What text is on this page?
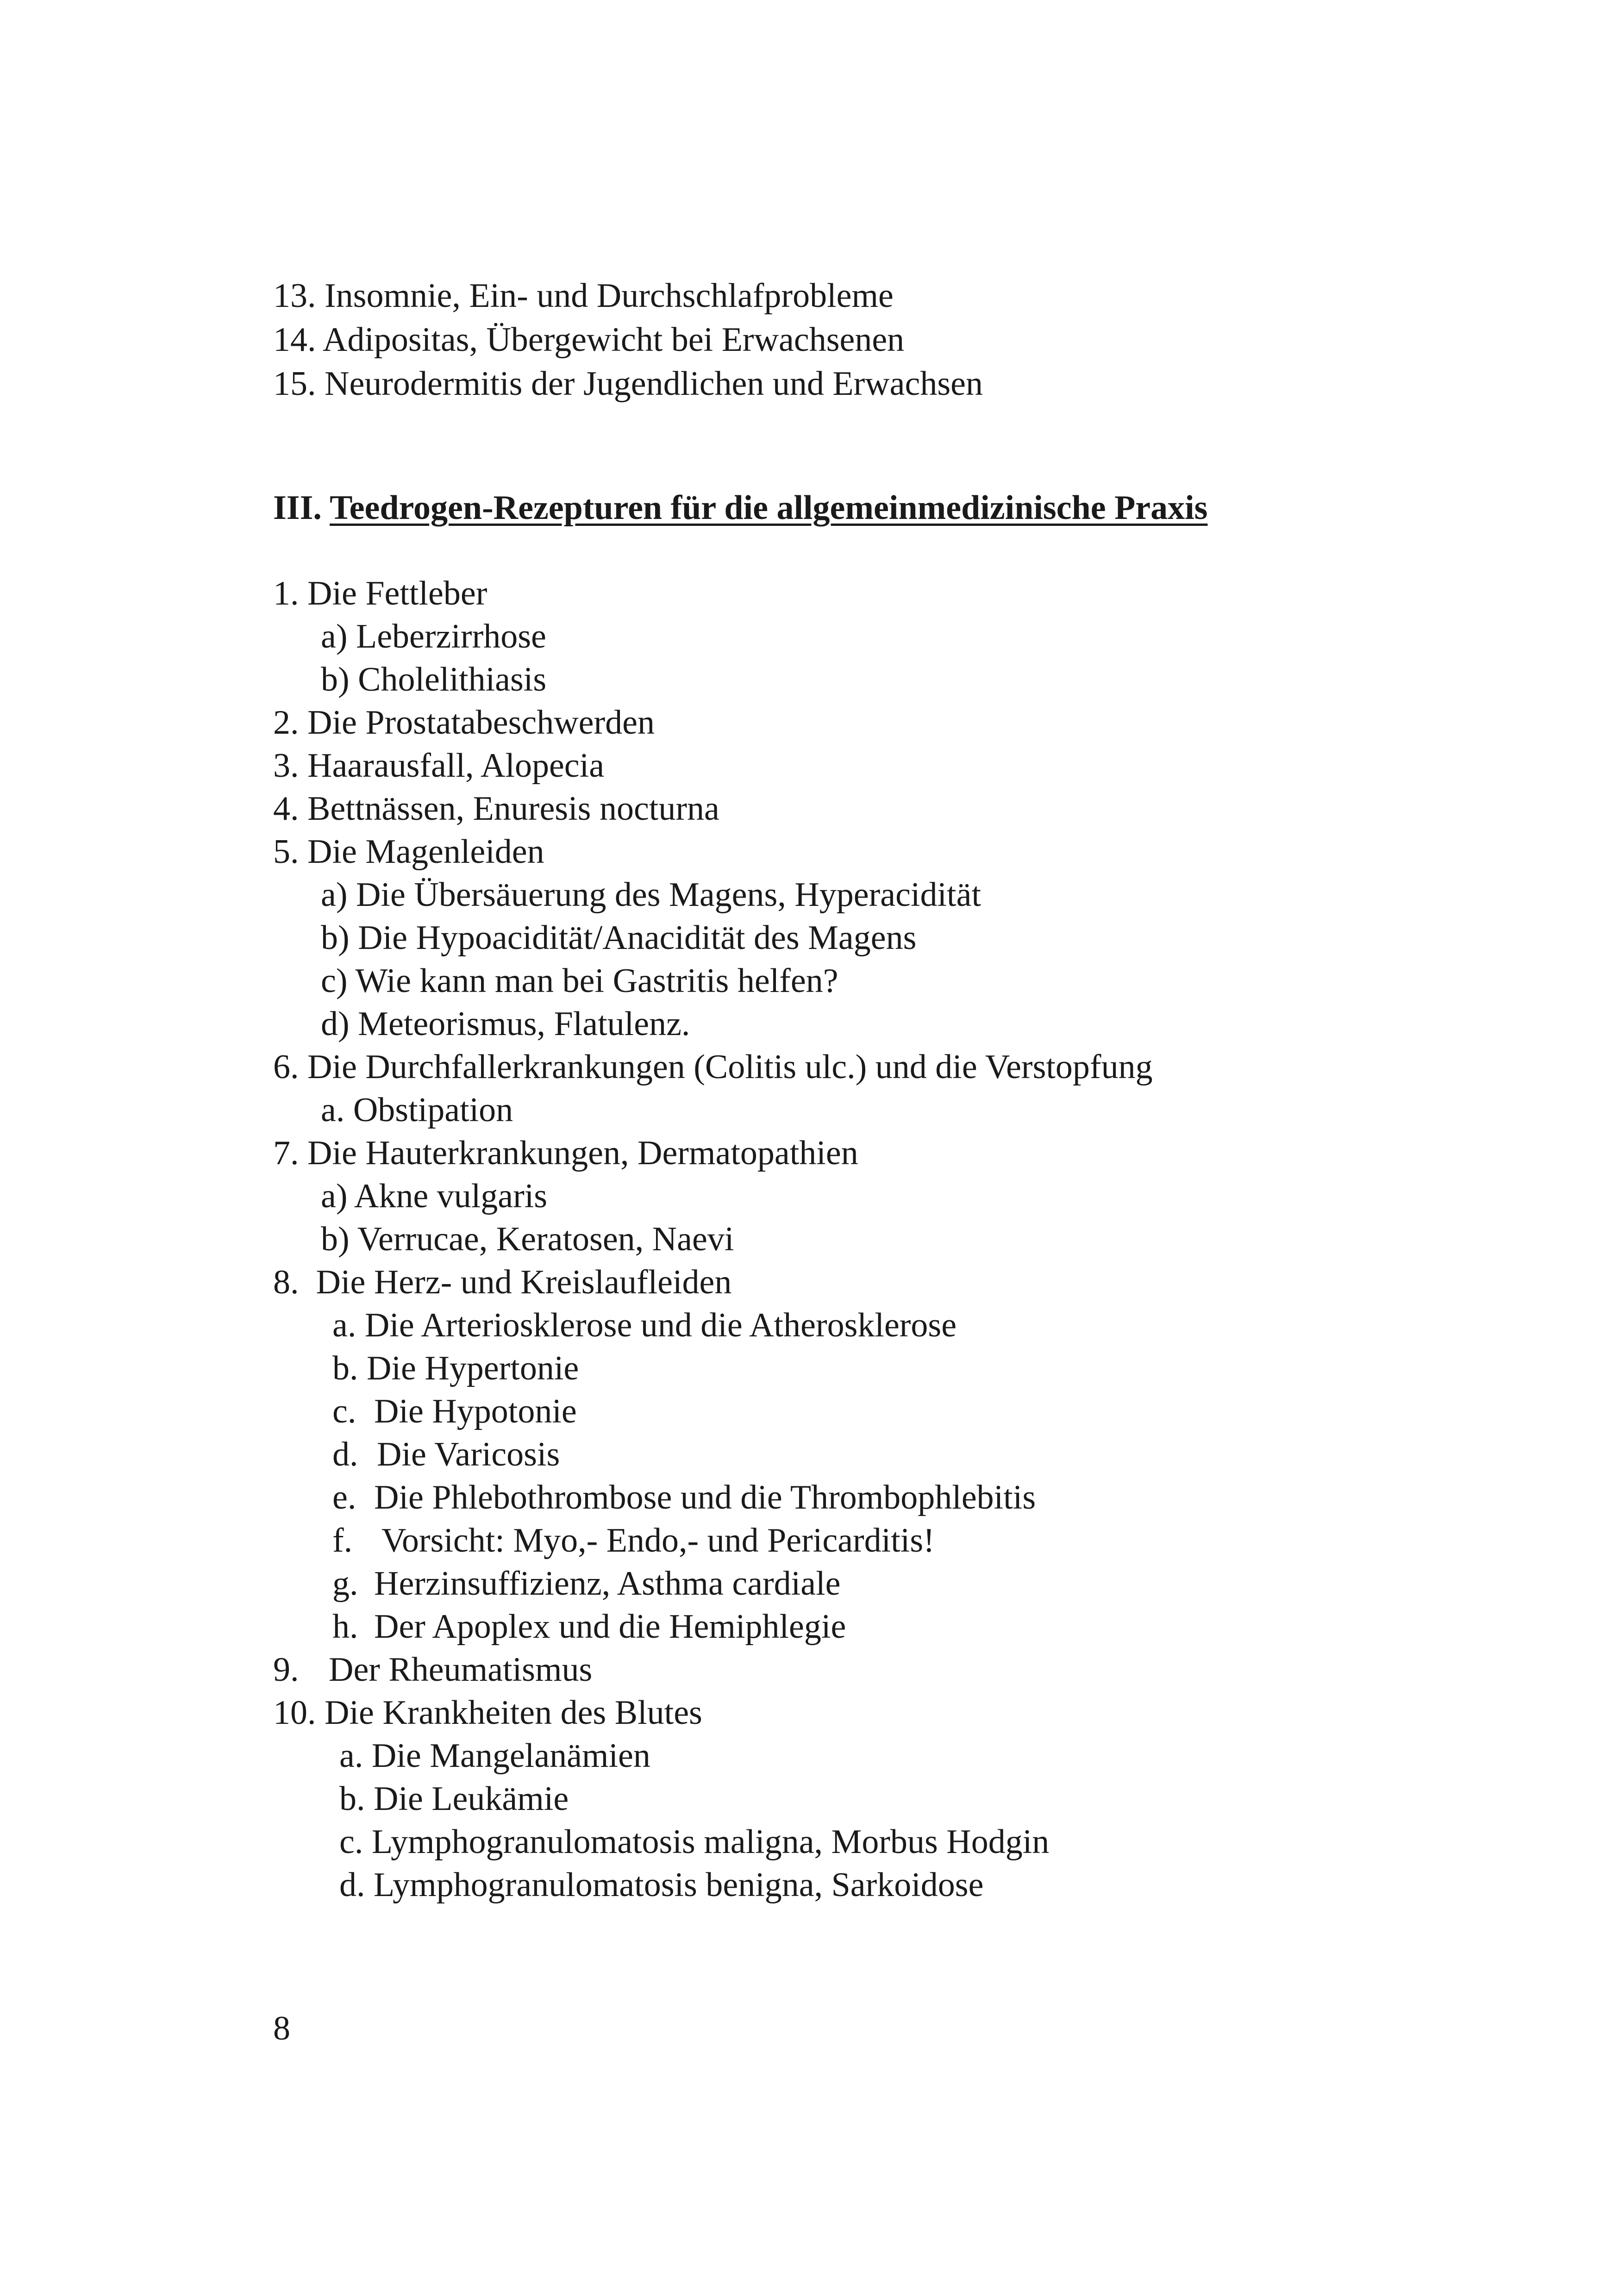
13. Insomnie, Ein- und Durchschlafprobleme
14. Adipositas, Übergewicht bei Erwachsenen
15. Neurodermitis der Jugendlichen und Erwachsen
III. Teedrogen-Rezepturen für die allgemeinmedizinische Praxis
1. Die Fettleber
a) Leberzirrhose
b) Cholelithiasis
2. Die Prostatabeschwerden
3. Haarausfall, Alopecia
4. Bettnässen, Enuresis nocturna
5. Die Magenleiden
a) Die Übersäuerung des Magens, Hyperacidität
b) Die Hypoacidität/Anacidität des Magens
c) Wie kann man bei Gastritis helfen?
d) Meteorismus, Flatulenz.
6. Die Durchfallerkrankungen (Colitis ulc.) und die Verstopfung
a. Obstipation
7. Die Hauterkrankungen, Dermatopathien
a) Akne vulgaris
b) Verrucae, Keratosen, Naevi
8.  Die Herz- und Kreislaufleiden
a. Die Arteriosklerose und die Atherosklerose
b. Die Hypertonie
c. Die Hypotonie
d. Die Varicosis
e. Die Phlebothrombose und die Thrombophlebitis
f. Vorsicht: Myo,- Endo,- und Pericarditis!
g. Herzinsuffizienz, Asthma cardiale
h. Der Apoplex und die Hemiphlegie
9. Der Rheumatismus
10. Die Krankheiten des Blutes
a. Die Mangelanämien
b. Die Leukämie
c. Lymphogranulomatosis maligna, Morbus Hodgin
d. Lymphogranulomatosis benigna, Sarkoidose
8
